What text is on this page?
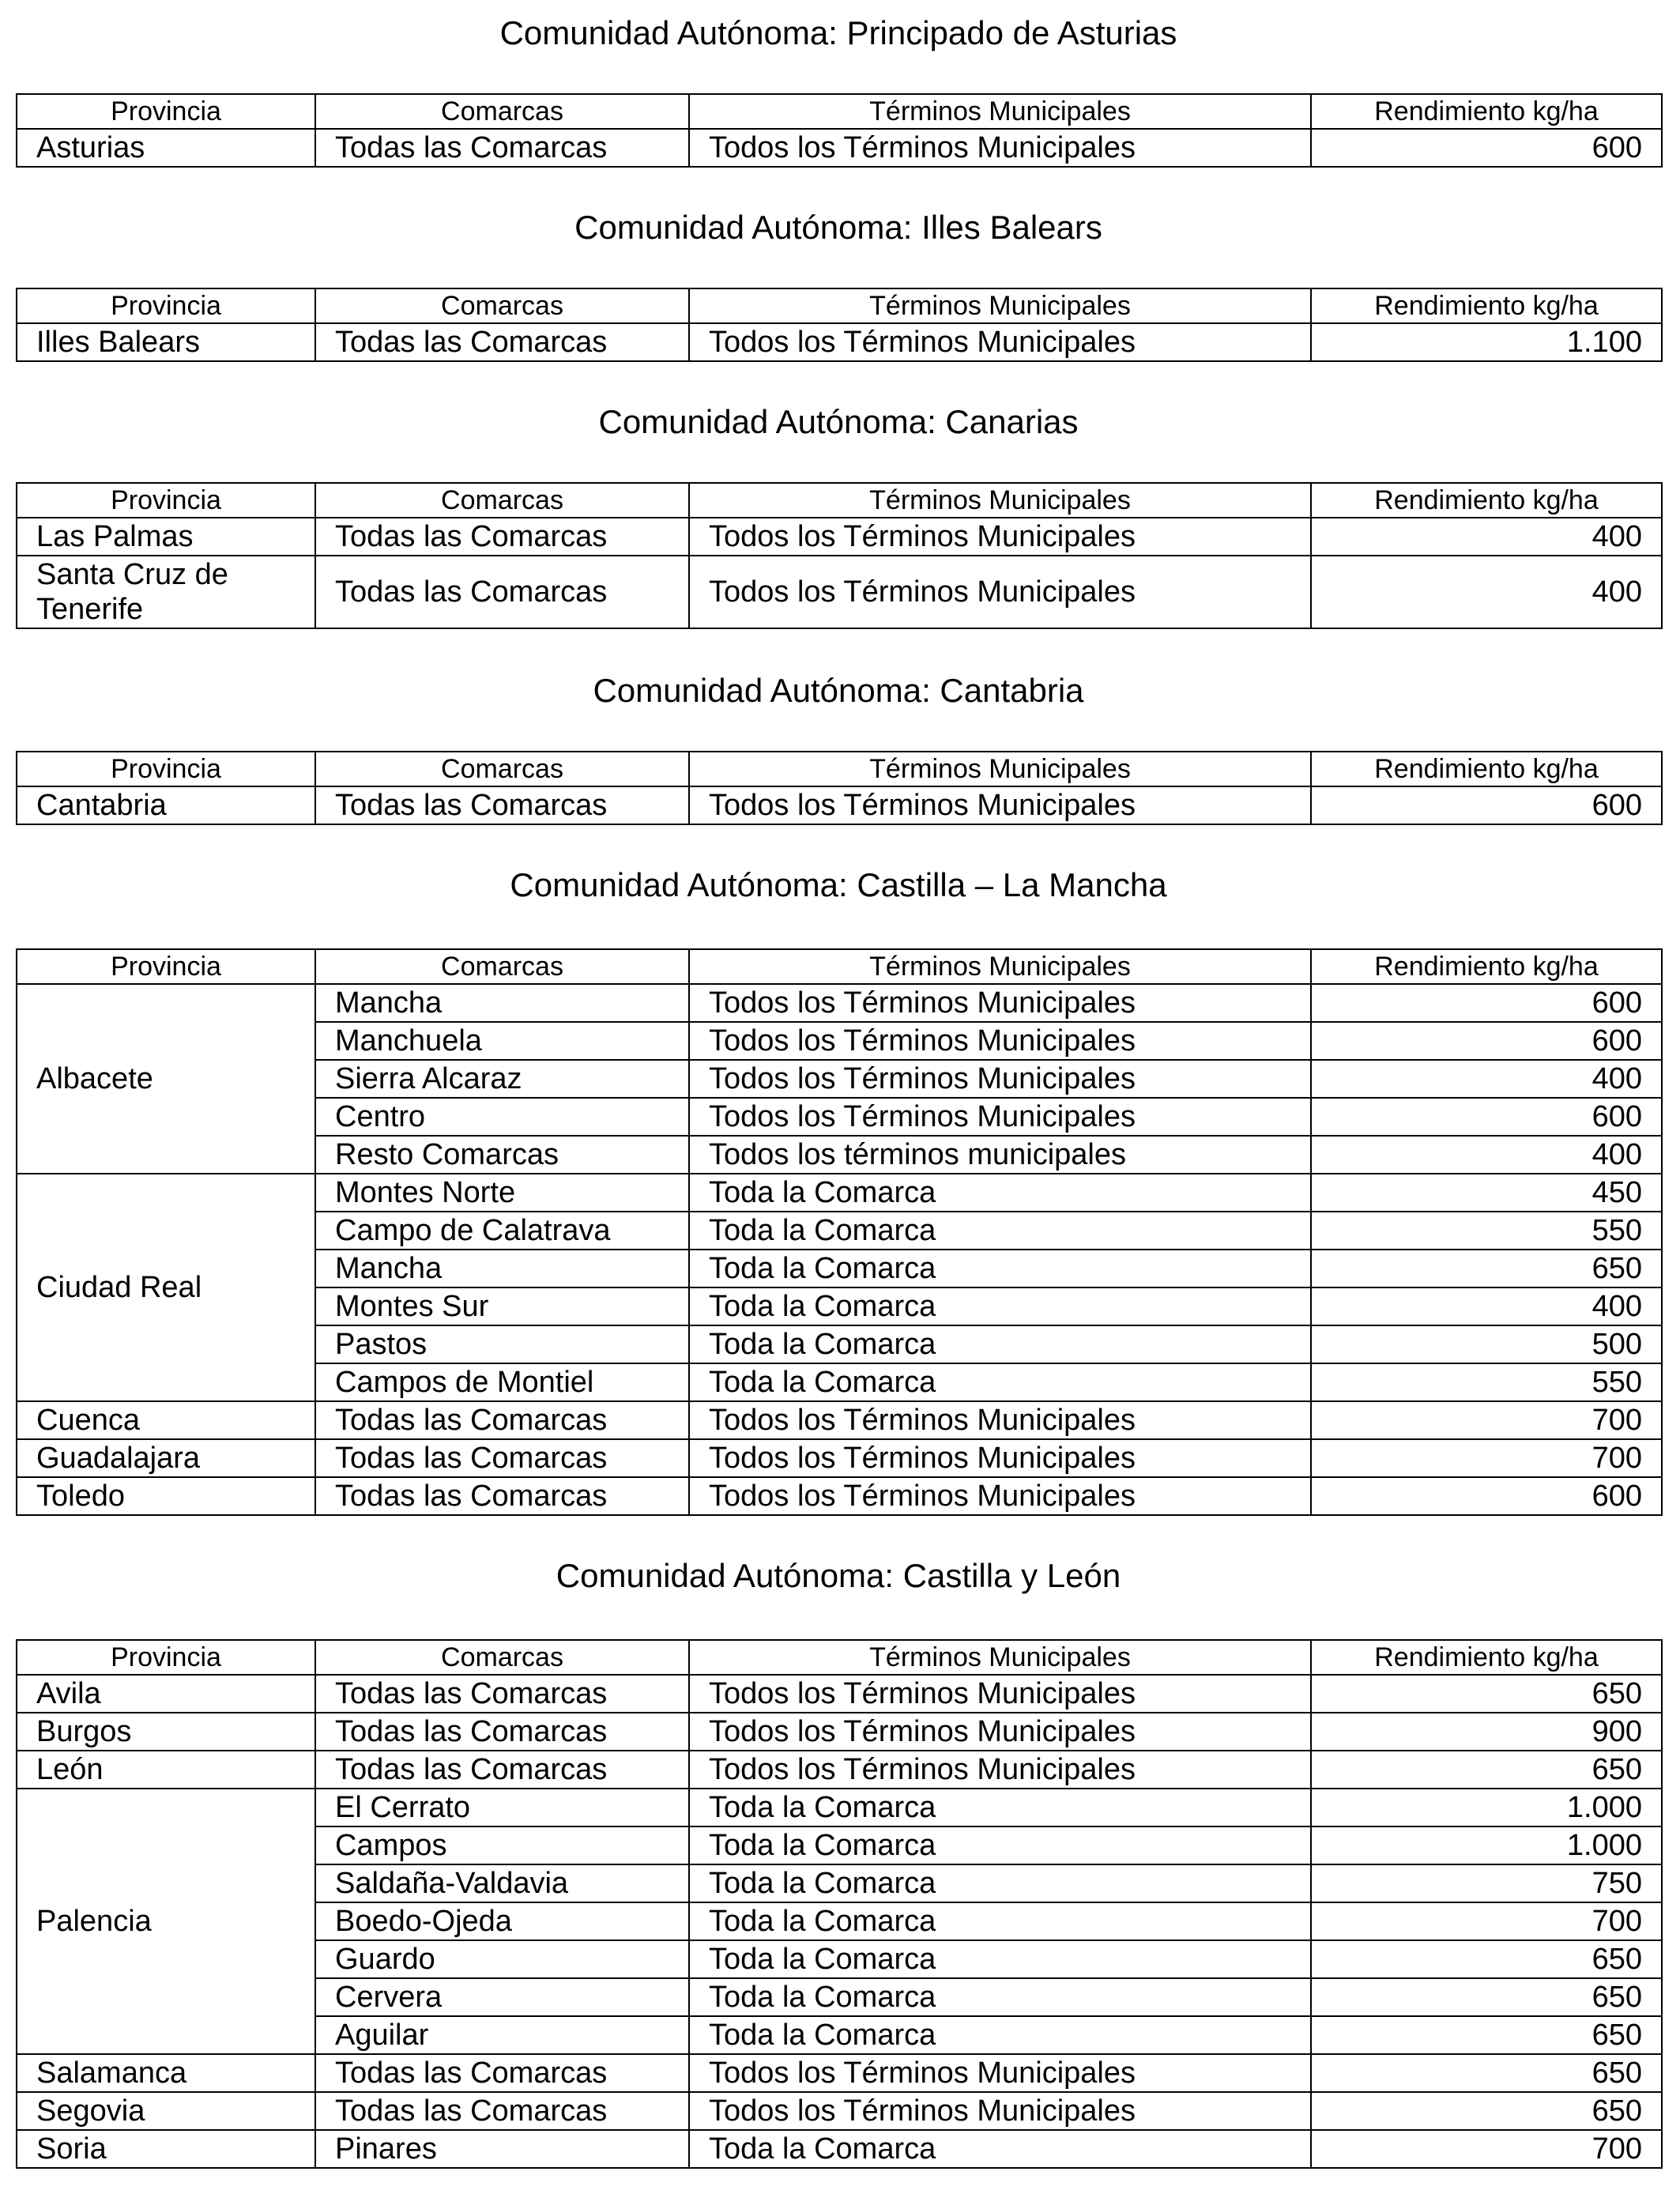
Comunidad Autónoma: Principado de Asturias
Provincia	Comarcas	Términos Municipales	Rendimiento kg/ha
Asturias	Todas las Comarcas	Todos los Términos Municipales	600
Comunidad Autónoma: Illes Balears
Provincia	Comarcas	Términos Municipales	Rendimiento kg/ha
Illes Balears	Todas las Comarcas	Todos los Términos Municipales	1.100
Comunidad Autónoma: Canarias
Provincia	Comarcas	Términos Municipales	Rendimiento kg/ha
Las Palmas	Todas las Comarcas	Todos los Términos Municipales	400
Santa Cruz de Tenerife	Todas las Comarcas	Todos los Términos Municipales	400
Comunidad Autónoma: Cantabria
Provincia	Comarcas	Términos Municipales	Rendimiento kg/ha
Cantabria	Todas las Comarcas	Todos los Términos Municipales	600
Comunidad Autónoma: Castilla – La Mancha
Provincia	Comarcas	Términos Municipales	Rendimiento kg/ha
Albacete	Mancha	Todos los Términos Municipales	600
	Manchuela	Todos los Términos Municipales	600
	Sierra Alcaraz	Todos los Términos Municipales	400
	Centro	Todos los Términos Municipales	600
	Resto Comarcas	Todos los términos municipales	400
Ciudad Real	Montes Norte	Toda la Comarca	450
	Campo de Calatrava	Toda la Comarca	550
	Mancha	Toda la Comarca	650
	Montes Sur	Toda la Comarca	400
	Pastos	Toda la Comarca	500
	Campos de Montiel	Toda la Comarca	550
Cuenca	Todas las Comarcas	Todos los Términos Municipales	700
Guadalajara	Todas las Comarcas	Todos los Términos Municipales	700
Toledo	Todas las Comarcas	Todos los Términos Municipales	600
Comunidad Autónoma: Castilla y León
Provincia	Comarcas	Términos Municipales	Rendimiento kg/ha
Avila	Todas las Comarcas	Todos los Términos Municipales	650
Burgos	Todas las Comarcas	Todos los Términos Municipales	900
León	Todas las Comarcas	Todos los Términos Municipales	650
Palencia	El Cerrato	Toda la Comarca	1.000
	Campos	Toda la Comarca	1.000
	Saldaña-Valdavia	Toda la Comarca	750
	Boedo-Ojeda	Toda la Comarca	700
	Guardo	Toda la Comarca	650
	Cervera	Toda la Comarca	650
	Aguilar	Toda la Comarca	650
Salamanca	Todas las Comarcas	Todos los Términos Municipales	650
Segovia	Todas las Comarcas	Todos los Términos Municipales	650
Soria	Pinares	Toda la Comarca	700
